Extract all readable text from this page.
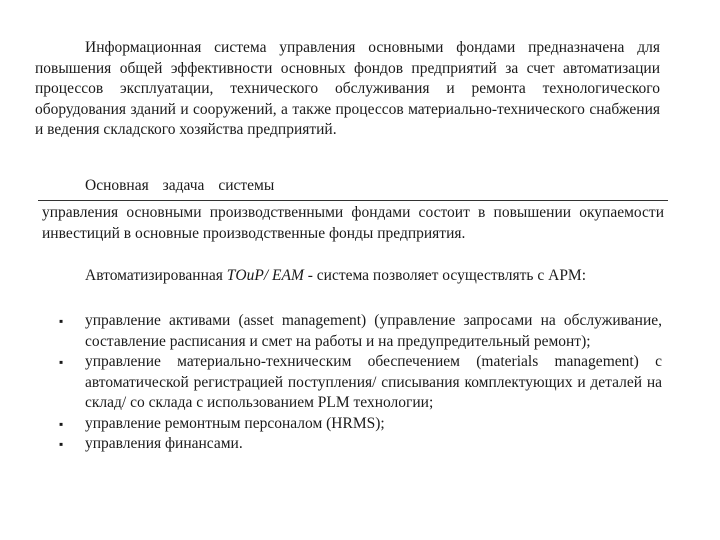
Информационная система управления основными фондами предназначена для повышения общей эффективности основных фондов предприятий за счет автоматизации процессов эксплуатации, технического обслуживания и ремонта технологического оборудования зданий и сооружений, а также процессов материально-технического снабжения и ведения складского хозяйства предприятий.

Основная задача системы

управления основными производственными фондами состоит в повышении окупаемости инвестиций в основные производственные фонды предприятия.

Автоматизированная ТОиР/ EAM - система позволяет осуществлять с АРМ:

▪ управление активами (asset management) (управление запросами на обслуживание, составление расписания и смет на работы и на предупредительный ремонт);
▪ управление материально-техническим обеспечением (materials management) с автоматической регистрацией поступления/ списывания комплектующих и деталей на склад/ со склада с использованием PLM технологии;
▪ управление ремонтным персоналом (HRMS);
▪ управления финансами.
